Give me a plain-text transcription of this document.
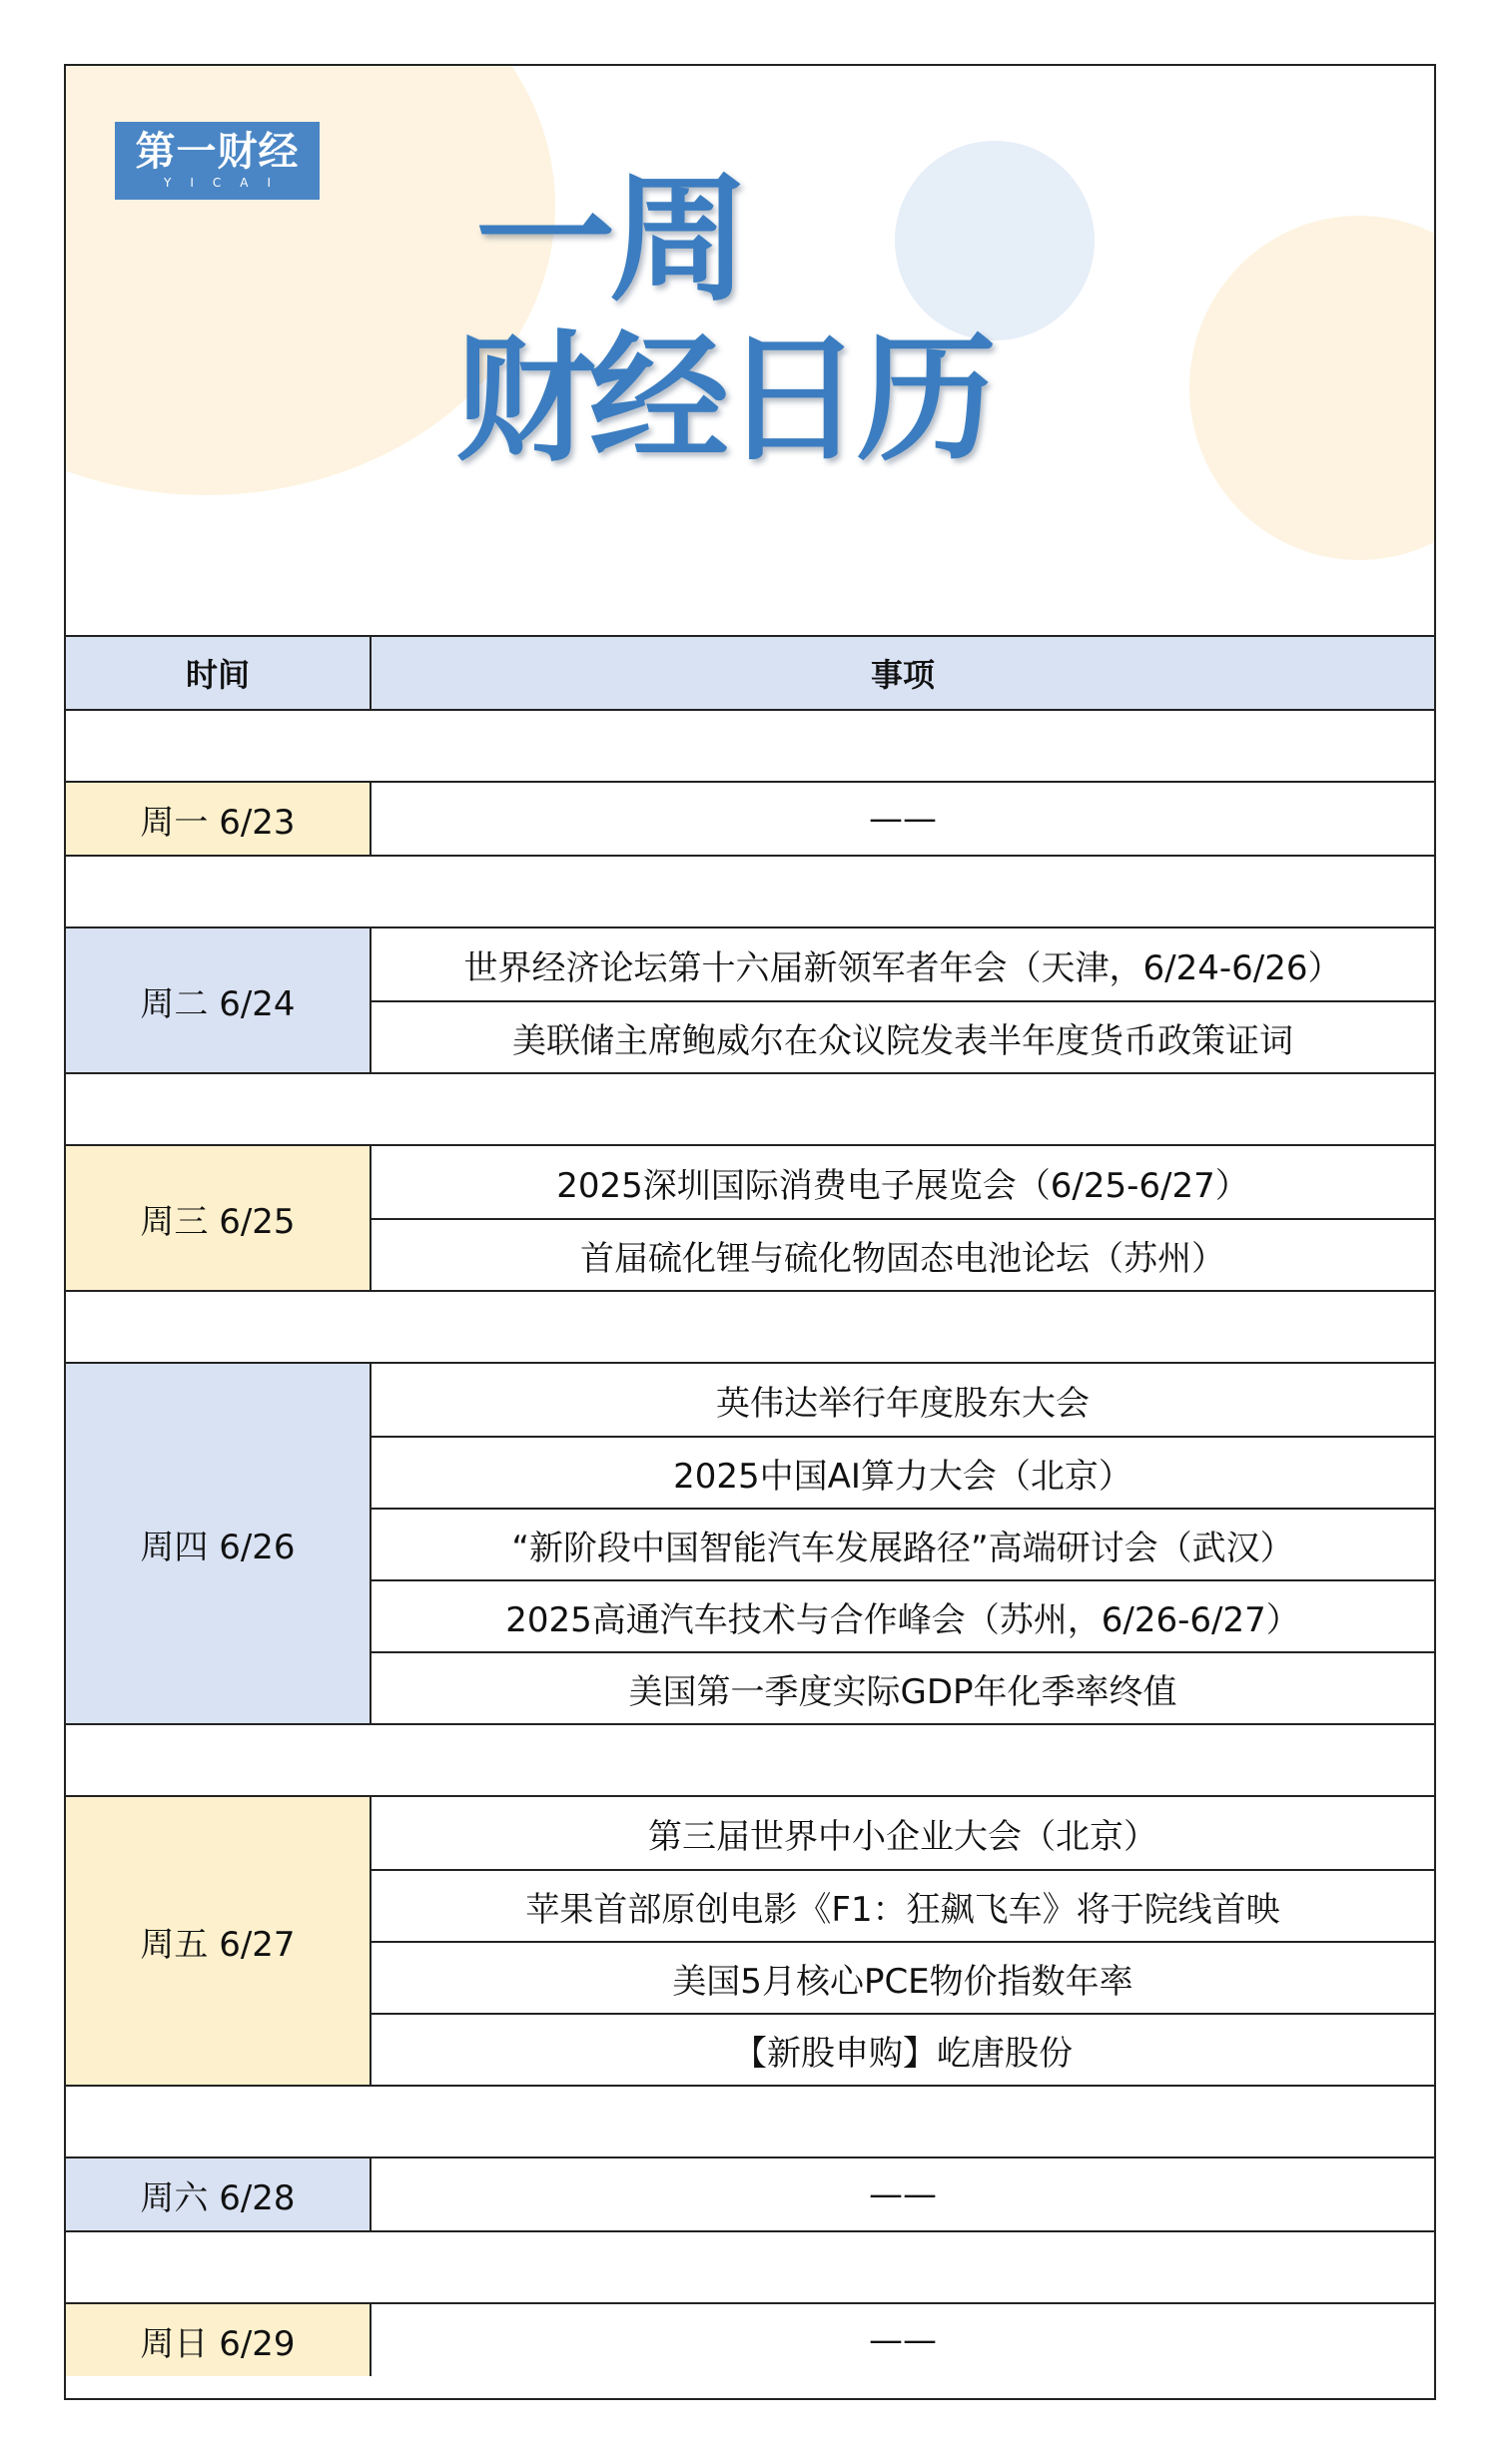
第一财经
YICAI 一周
财经日历
时间	事项
周一 6/23	——
周二 6/24
世界经济论坛第十六届新领军者年会（天津，6/24-6/26）
美联储主席鲍威尔在众议院发表半年度货币政策证词
周三 6/25
2025深圳国际消费电子展览会（6/25-6/27）
首届硫化锂与硫化物固态电池论坛（苏州）
周四 6/26
英伟达举行年度股东大会
2025中国AI算力大会（北京）
“新阶段中国智能汽车发展路径”高端研讨会（武汉）
2025高通汽车技术与合作峰会（苏州，6/26-6/27）
美国第一季度实际GDP年化季率终值
周五 6/27
第三届世界中小企业大会（北京）
苹果首部原创电影《F1：狂飙飞车》将于院线首映
美国5月核心PCE物价指数年率
【新股申购】屹唐股份
周六 6/28	——
周日 6/29	——
